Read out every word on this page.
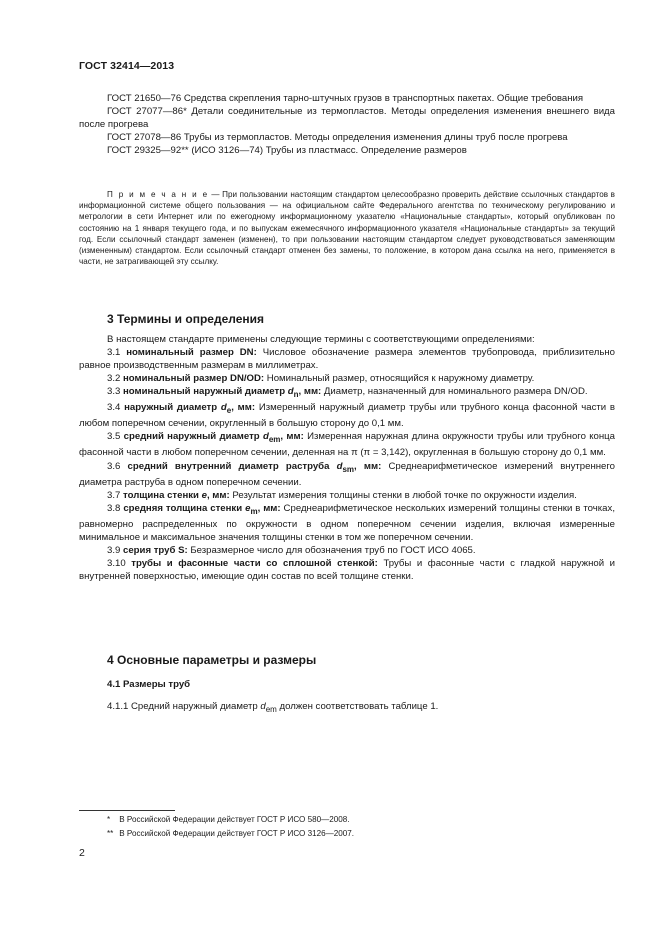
ГОСТ 32414—2013

ГОСТ 21650—76 Средства скрепления тарно-штучных грузов в транспортных пакетах. Общие требования

ГОСТ 27077—86* Детали соединительные из термопластов. Методы определения изменения внешнего вида после прогрева

ГОСТ 27078—86 Трубы из термопластов. Методы определения изменения длины труб после прогрева

ГОСТ 29325—92** (ИСО 3126—74) Трубы из пластмасс. Определение размеров

П р и м е ч а н и е — При пользовании настоящим стандартом целесообразно проверить действие ссылочных стандартов в информационной системе общего пользования — на официальном сайте Федерального агентства по техническому регулированию и метрологии в сети Интернет или по ежегодному информационному указателю «Национальные стандарты», который опубликован по состоянию на 1 января текущего года, и по выпускам ежемесячного информационного указателя «Национальные стандарты» за текущий год. Если ссылочный стандарт заменен (изменен), то при пользовании настоящим стандартом следует руководствоваться заменяющим (измененным) стандартом. Если ссылочный стандарт отменен без замены, то положение, в котором дана ссылка на него, применяется в части, не затрагивающей эту ссылку.

3 Термины и определения

В настоящем стандарте применены следующие термины с соответствующими определениями:

3.1 номинальный размер DN: Числовое обозначение размера элементов трубопровода, приблизительно равное производственным размерам в миллиметрах.

3.2 номинальный размер DN/OD: Номинальный размер, относящийся к наружному диаметру.

3.3 номинальный наружный диаметр $d_n$, мм: Диаметр, назначенный для номинального размера DN/OD.

3.4 наружный диаметр $d_e$, мм: Измеренный наружный диаметр трубы или трубного конца фасонной части в любом поперечном сечении, округленный в большую сторону до 0,1 мм.

3.5 средний наружный диаметр $d_{em}$, мм: Измеренная наружная длина окружности трубы или трубного конца фасонной части в любом поперечном сечении, деленная на π (π = 3,142), округленная в большую сторону до 0,1 мм.

3.6 средний внутренний диаметр раструба $d_{sm}$, мм: Среднеарифметическое измерений внутреннего диаметра раструба в одном поперечном сечении.

3.7 толщина стенки e, мм: Результат измерения толщины стенки в любой точке по окружности изделия.

3.8 средняя толщина стенки $e_m$, мм: Среднеарифметическое нескольких измерений толщины стенки в точках, равномерно распределенных по окружности в одном поперечном сечении изделия, включая измеренные минимальное и максимальное значения толщины стенки в том же поперечном сечении.

3.9 серия труб S: Безразмерное число для обозначения труб по ГОСТ ИСО 4065.

3.10 трубы и фасонные части со сплошной стенкой: Трубы и фасонные части с гладкой наружной и внутренней поверхностью, имеющие один состав по всей толщине стенки.

4 Основные параметры и размеры
4.1 Размеры труб
4.1.1 Средний наружный диаметр $d_{em}$ должен соответствовать таблице 1.
* В Российской Федерации действует ГОСТ Р ИСО 580—2008.
** В Российской Федерации действует ГОСТ Р ИСО 3126—2007.
2
